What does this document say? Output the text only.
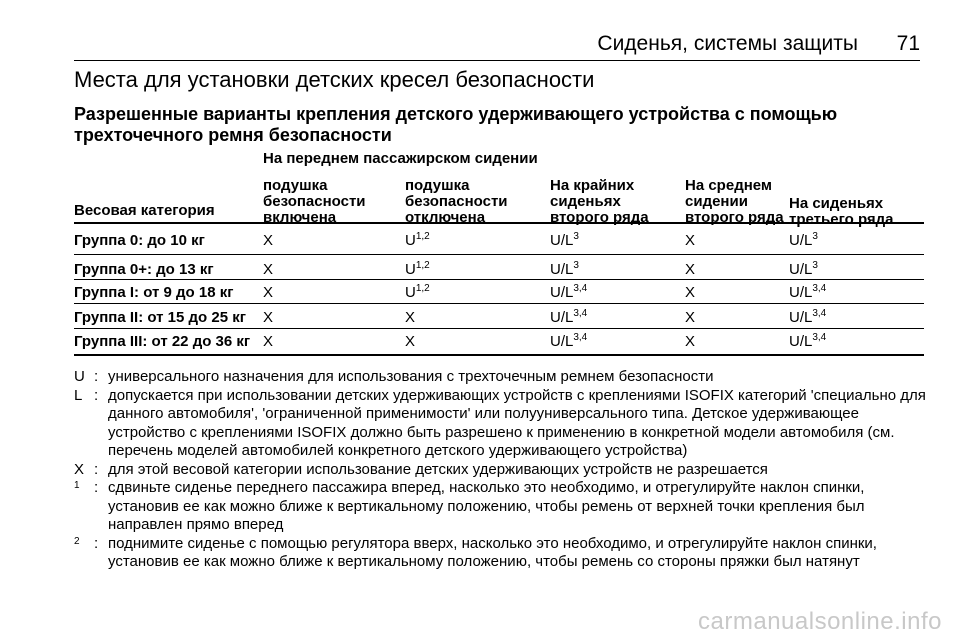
Сиденья, системы защиты 71
Места для установки детских кресел безопасности
Разрешенные варианты крепления детского удерживающего устройства с помощью трехточечного ремня безопасности
На переднем пассажирском сидении
Весовая категория
подушка
безопасности
включена
подушка
безопасности
отключена
На крайних
сиденьях
второго ряда
На среднем
сидении
второго ряда
На сиденьях
третьего ряда
Группа 0: до 10 кг	X	U$^{1,2}$	$U/L^3$	X	$U/L^3$
Группа 0+: до 13 кг	X	U$^{1,2}$	$U/L^3$	X	$U/L^3$
Группа I: от 9 до 18 кг X	U$^{1,2}$	$U/L^{3,4}$	X	$U/L^{3,4}$
Группа II: от 15 до 25 кг X	X	$U/L^{3,4}$	X	$U/L^{3,4}$
Группа III: от 22 до 36 кг X	X	$U/L^{3,4}$	X	$U/L^{3,4}$
U : универсального назначения для использования с трехточечным ремнем безопасности
L : допускается при использовании детских удерживающих устройств с креплениями ISOFIX категорий 'специально для данного автомобиля', 'ограниченной применимости' или полууниверсального типа. Детское удерживающее устройство с креплениями ISOFIX должно быть разрешено к применению в конкретной модели автомобиля (см. перечень моделей автомобилей конкретного детского удерживающего устройства)
X : для этой весовой категории использование детских удерживающих устройств не разрешается
1 : сдвиньте сиденье переднего пассажира вперед, насколько это необходимо, и отрегулируйте наклон спинки, установив ее как можно ближе к вертикальному положению, чтобы ремень от верхней точки крепления был направлен прямо вперед
2 : поднимите сиденье с помощью регулятора вверх, насколько это необходимо, и отрегулируйте наклон спинки, установив ее как можно ближе к вертикальному положению, чтобы ремень со стороны пряжки был натянут
carmanualsonline.info
